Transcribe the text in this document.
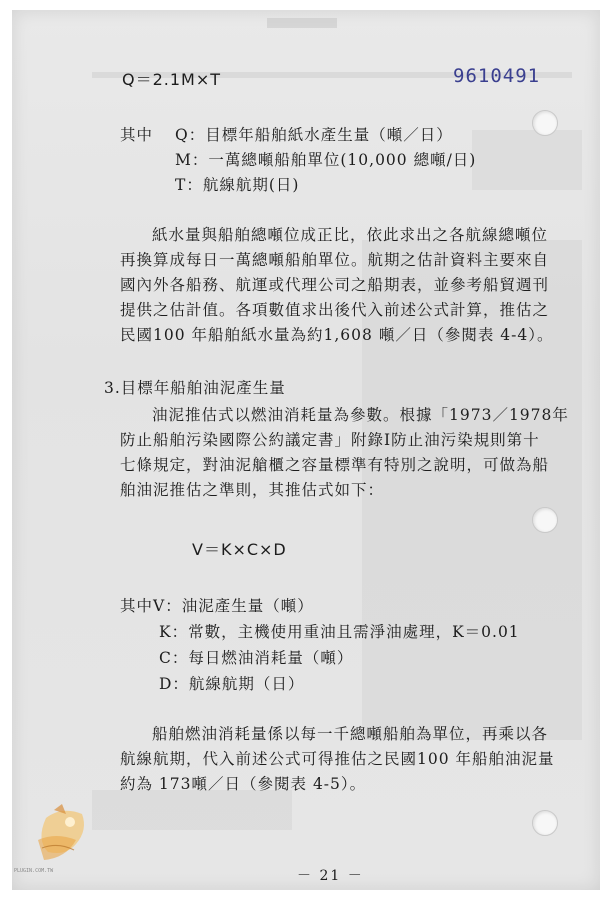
9610491
Q＝2.1M×T
其中 Q：目標年船舶紙水產生量（噸／日）
M：一萬總噸船舶單位(10,000 總噸/日)
T：航線航期(日)
紙水量與船舶總噸位成正比，依此求出之各航線總噸位
再換算成每日一萬總噸船舶單位。航期之估計資料主要來自
國內外各船務、航運或代理公司之船期表，並參考船貿週刊
提供之估計值。各項數值求出後代入前述公式計算，推估之
民國100 年船舶紙水量為約1,608 噸／日（參閱表 4-4）。
3.目標年船舶油泥產生量
油泥推估式以燃油消耗量為參數。根據「1973／1978年
防止船舶污染國際公約議定書」附錄Ⅰ防止油污染規則第十
七條規定，對油泥艙櫃之容量標準有特別之說明，可做為船
舶油泥推估之準則，其推估式如下：
V＝K×C×D
其中V：油泥產生量（噸）
K：常數，主機使用重油且需淨油處理，K＝0.01
C：每日燃油消耗量（噸）
D：航線航期（日）
船舶燃油消耗量係以每一千總噸船舶為單位，再乘以各
航線航期，代入前述公式可得推估之民國100 年船舶油泥量
約為 173噸／日（參閱表 4-5）。
－ 21 －
PLUGIN.COM.TW
